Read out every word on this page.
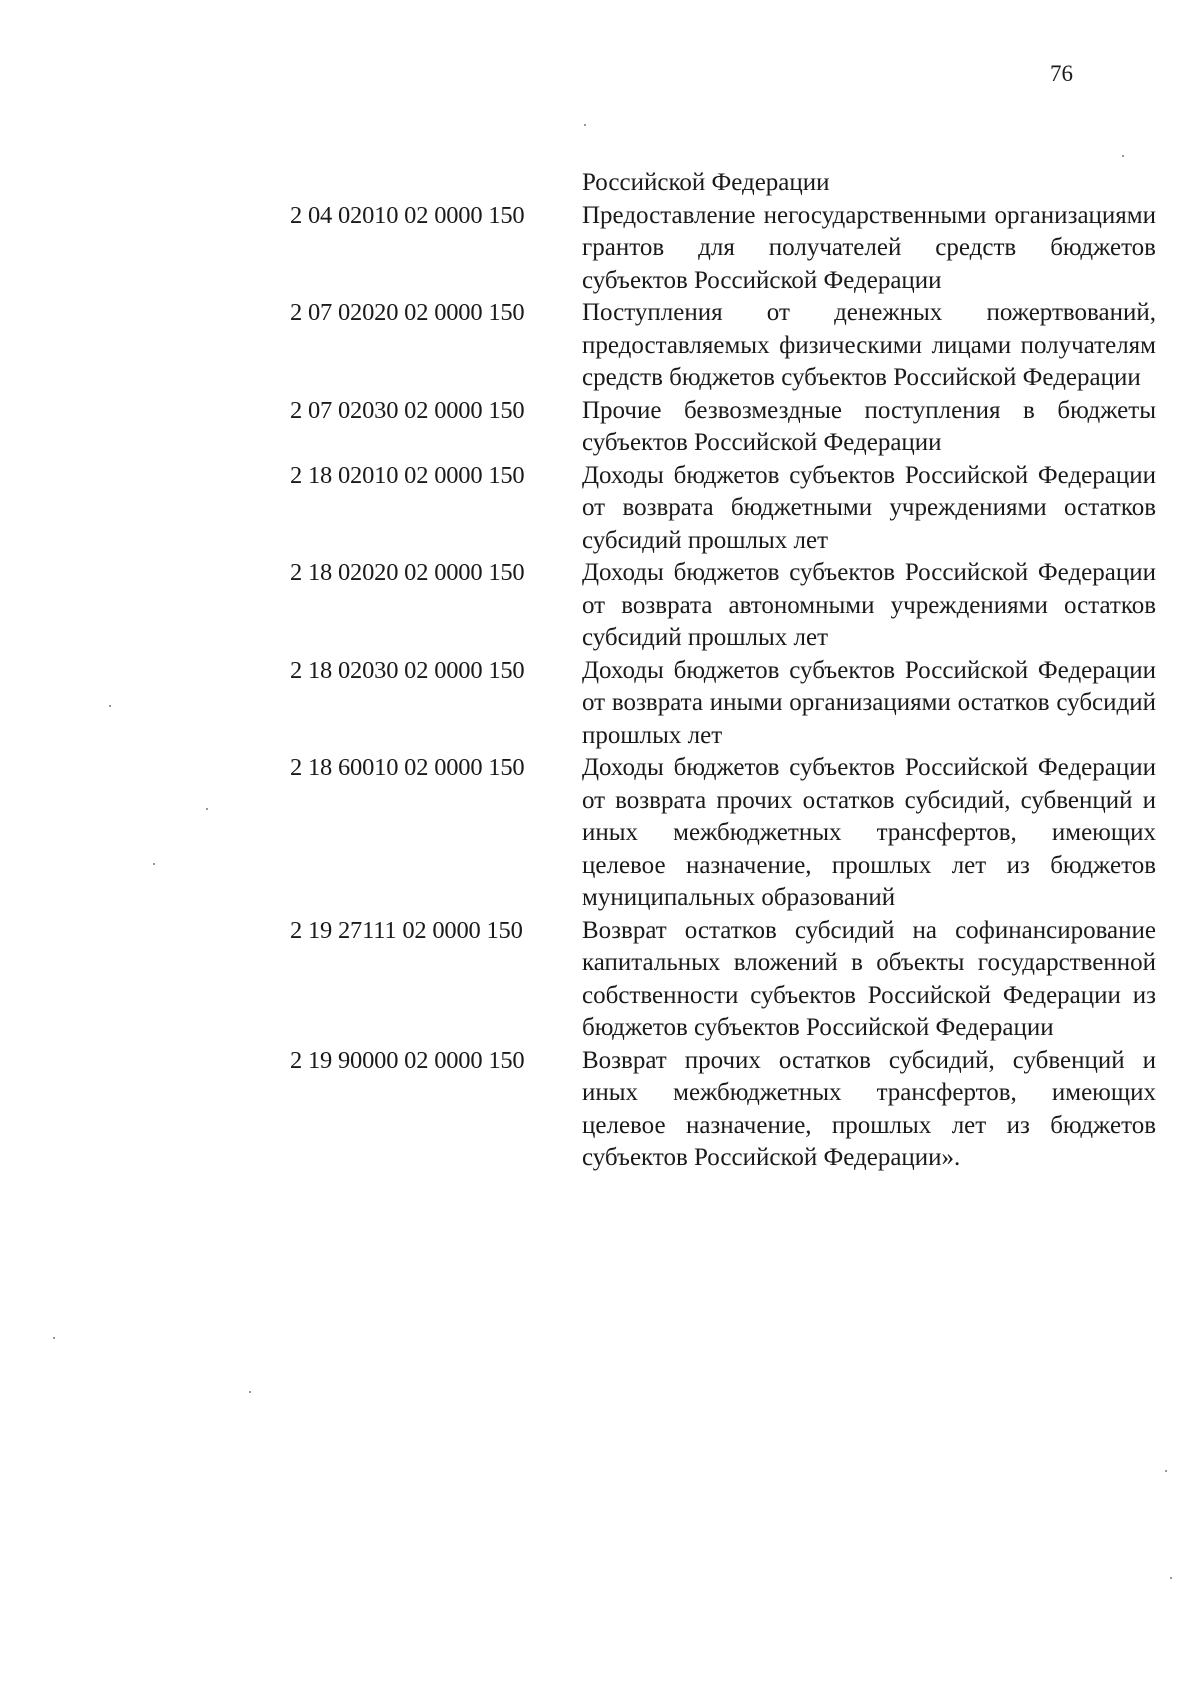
76
Российской Федерации
2 04 02010 02 0000 150	Предоставление негосударственными организациями грантов для получателей средств бюджетов субъектов Российской Федерации
2 07 02020 02 0000 150	Поступления от денежных пожертвований, предоставляемых физическими лицами получателям средств бюджетов субъектов Российской Федерации
2 07 02030 02 0000 150	Прочие безвозмездные поступления в бюджеты субъектов Российской Федерации
2 18 02010 02 0000 150	Доходы бюджетов субъектов Российской Федерации от возврата бюджетными учреждениями остатков субсидий прошлых лет
2 18 02020 02 0000 150	Доходы бюджетов субъектов Российской Федерации от возврата автономными учреждениями остатков субсидий прошлых лет
2 18 02030 02 0000 150	Доходы бюджетов субъектов Российской Федерации от возврата иными организациями остатков субсидий прошлых лет
2 18 60010 02 0000 150	Доходы бюджетов субъектов Российской Федерации от возврата прочих остатков субсидий, субвенций и иных межбюджетных трансфертов, имеющих целевое назначение, прошлых лет из бюджетов муниципальных образований
2 19 27111 02 0000 150	Возврат остатков субсидий на софинансирование капитальных вложений в объекты государственной собственности субъектов Российской Федерации из бюджетов субъектов Российской Федерации
2 19 90000 02 0000 150	Возврат прочих остатков субсидий, субвенций и иных межбюджетных трансфертов, имеющих целевое назначение, прошлых лет из бюджетов субъектов Российской Федерации».
